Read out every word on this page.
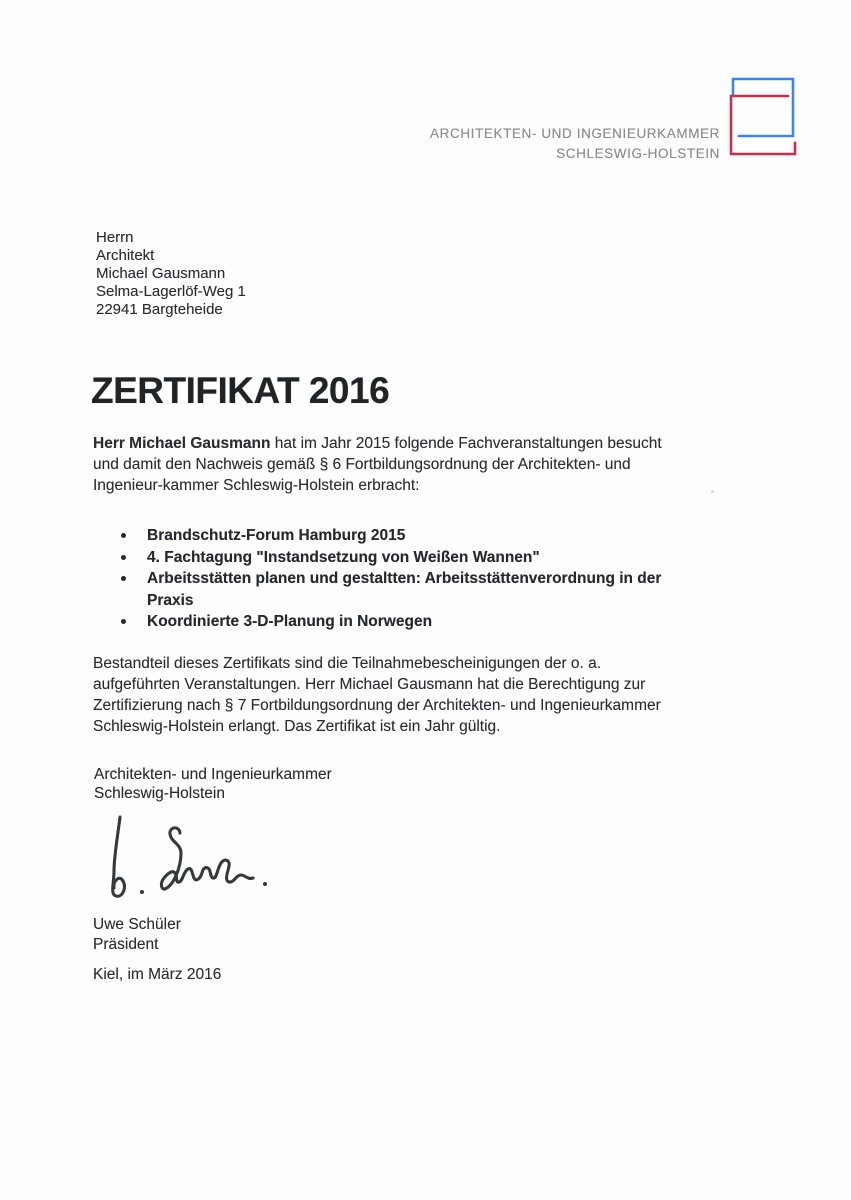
ARCHITEKTEN- UND INGENIEURKAMMER
SCHLESWIG-HOLSTEIN
Herrn
Architekt
Michael Gausmann
Selma-Lagerlöf-Weg 1
22941 Bargteheide
ZERTIFIKAT 2016
Herr Michael Gausmann hat im Jahr 2015 folgende Fachveranstaltungen besucht
und damit den Nachweis gemäß § 6 Fortbildungsordnung der Architekten- und
Ingenieur-kammer Schleswig-Holstein erbracht:
Brandschutz-Forum Hamburg 2015
4. Fachtagung "Instandsetzung von Weißen Wannen"
Arbeitsstätten planen und gestaltten: Arbeitsstättenverordnung in der
Praxis
Koordinierte 3-D-Planung in Norwegen
Bestandteil dieses Zertifikats sind die Teilnahmebescheinigungen der o. a.
aufgeführten Veranstaltungen. Herr Michael Gausmann hat die Berechtigung zur
Zertifizierung nach § 7 Fortbildungsordnung der Architekten- und Ingenieurkammer
Schleswig-Holstein erlangt. Das Zertifikat ist ein Jahr gültig.
Architekten- und Ingenieurkammer
Schleswig-Holstein
Uwe Schüler
Präsident
Kiel, im März 2016
